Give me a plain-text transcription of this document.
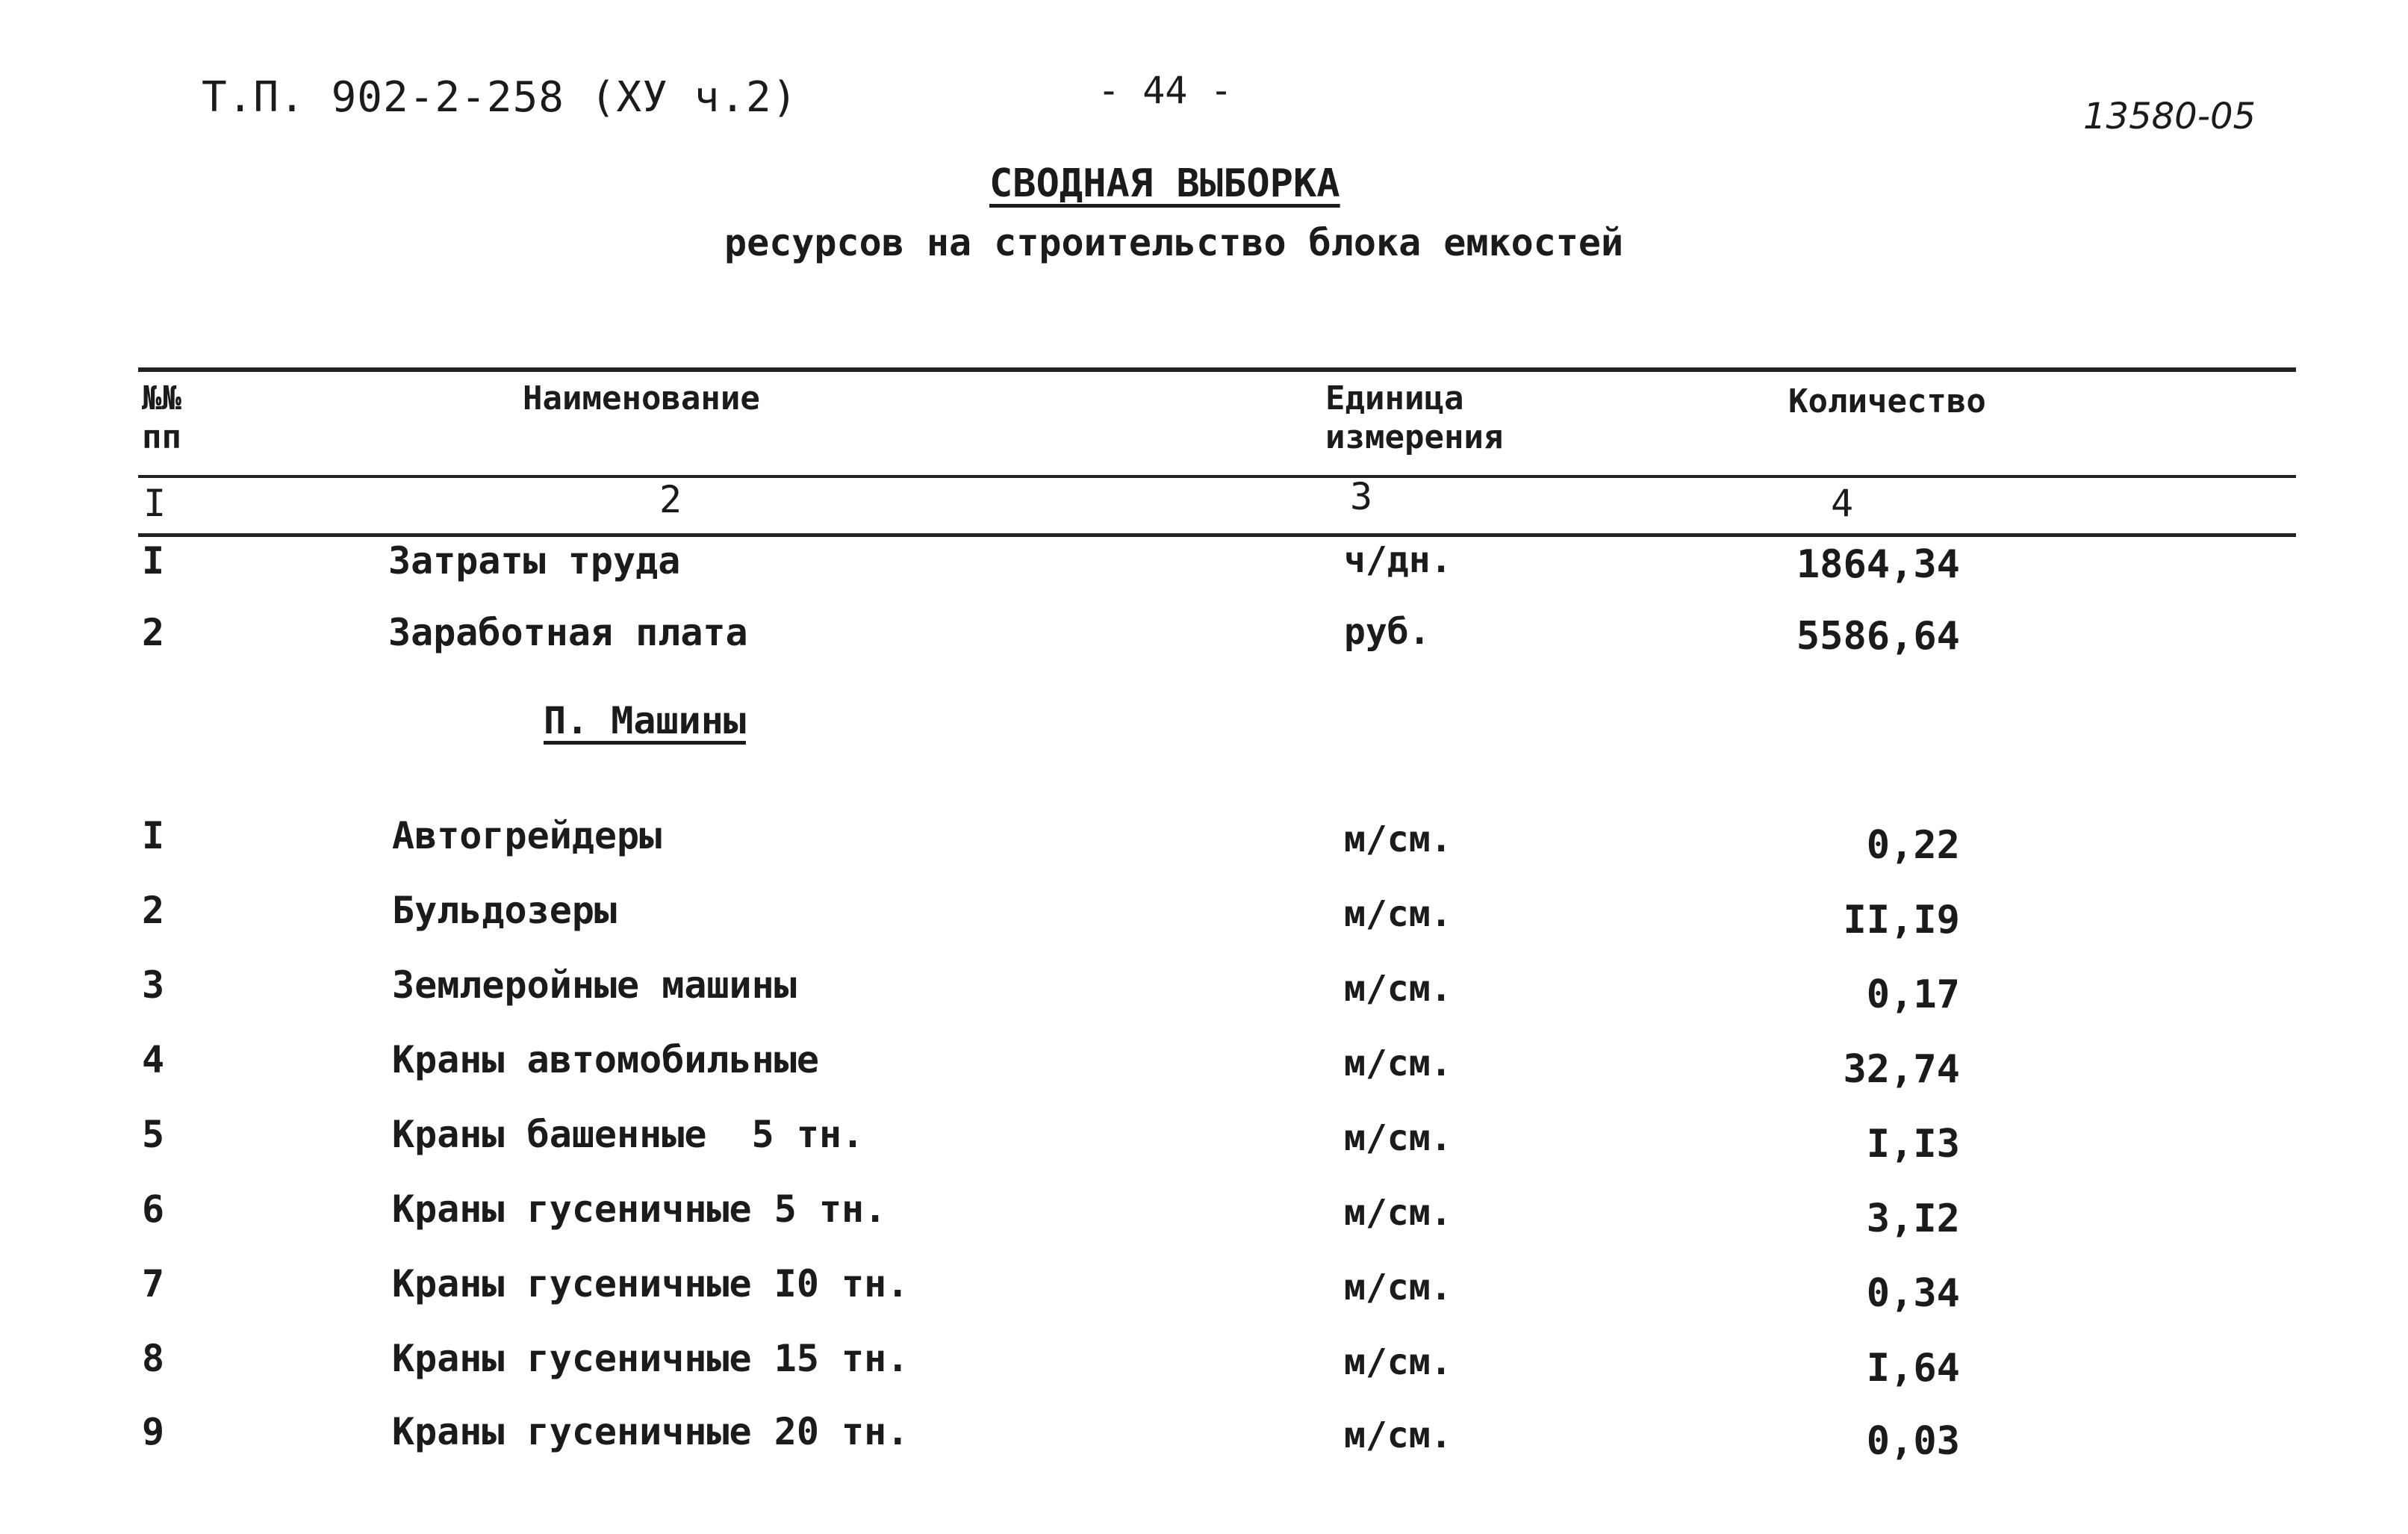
Т.П. 902-2-258 (ХУ ч.2)	- 44 -
13580-05
СВОДНАЯ ВЫБОРКА
ресурсов на строительство блока емкостей
№№
пп
Наименование	Единица
измерения
Количество
I	2	3	4
I	Затраты труда	ч/дн.	1864,34
2	Заработная плата	руб.	5586,64
П. Машины
I	Автогрейдеры	м/см.	0,22
2	Бульдозеры	м/см.	II,I9
3	Землеройные машины	м/см.	0,17
4	Краны автомобильные	м/см.	32,74
5	Краны башенные  5 тн.	м/см.	I,I3
6	Краны гусеничные 5 тн.	м/см.	3,I2
7	Краны гусеничные I0 тн.	м/см.	0,34
8	Краны гусеничные 15 тн.	м/см.	I,64
9	Краны гусеничные 20 тн.	м/см.	0,03
